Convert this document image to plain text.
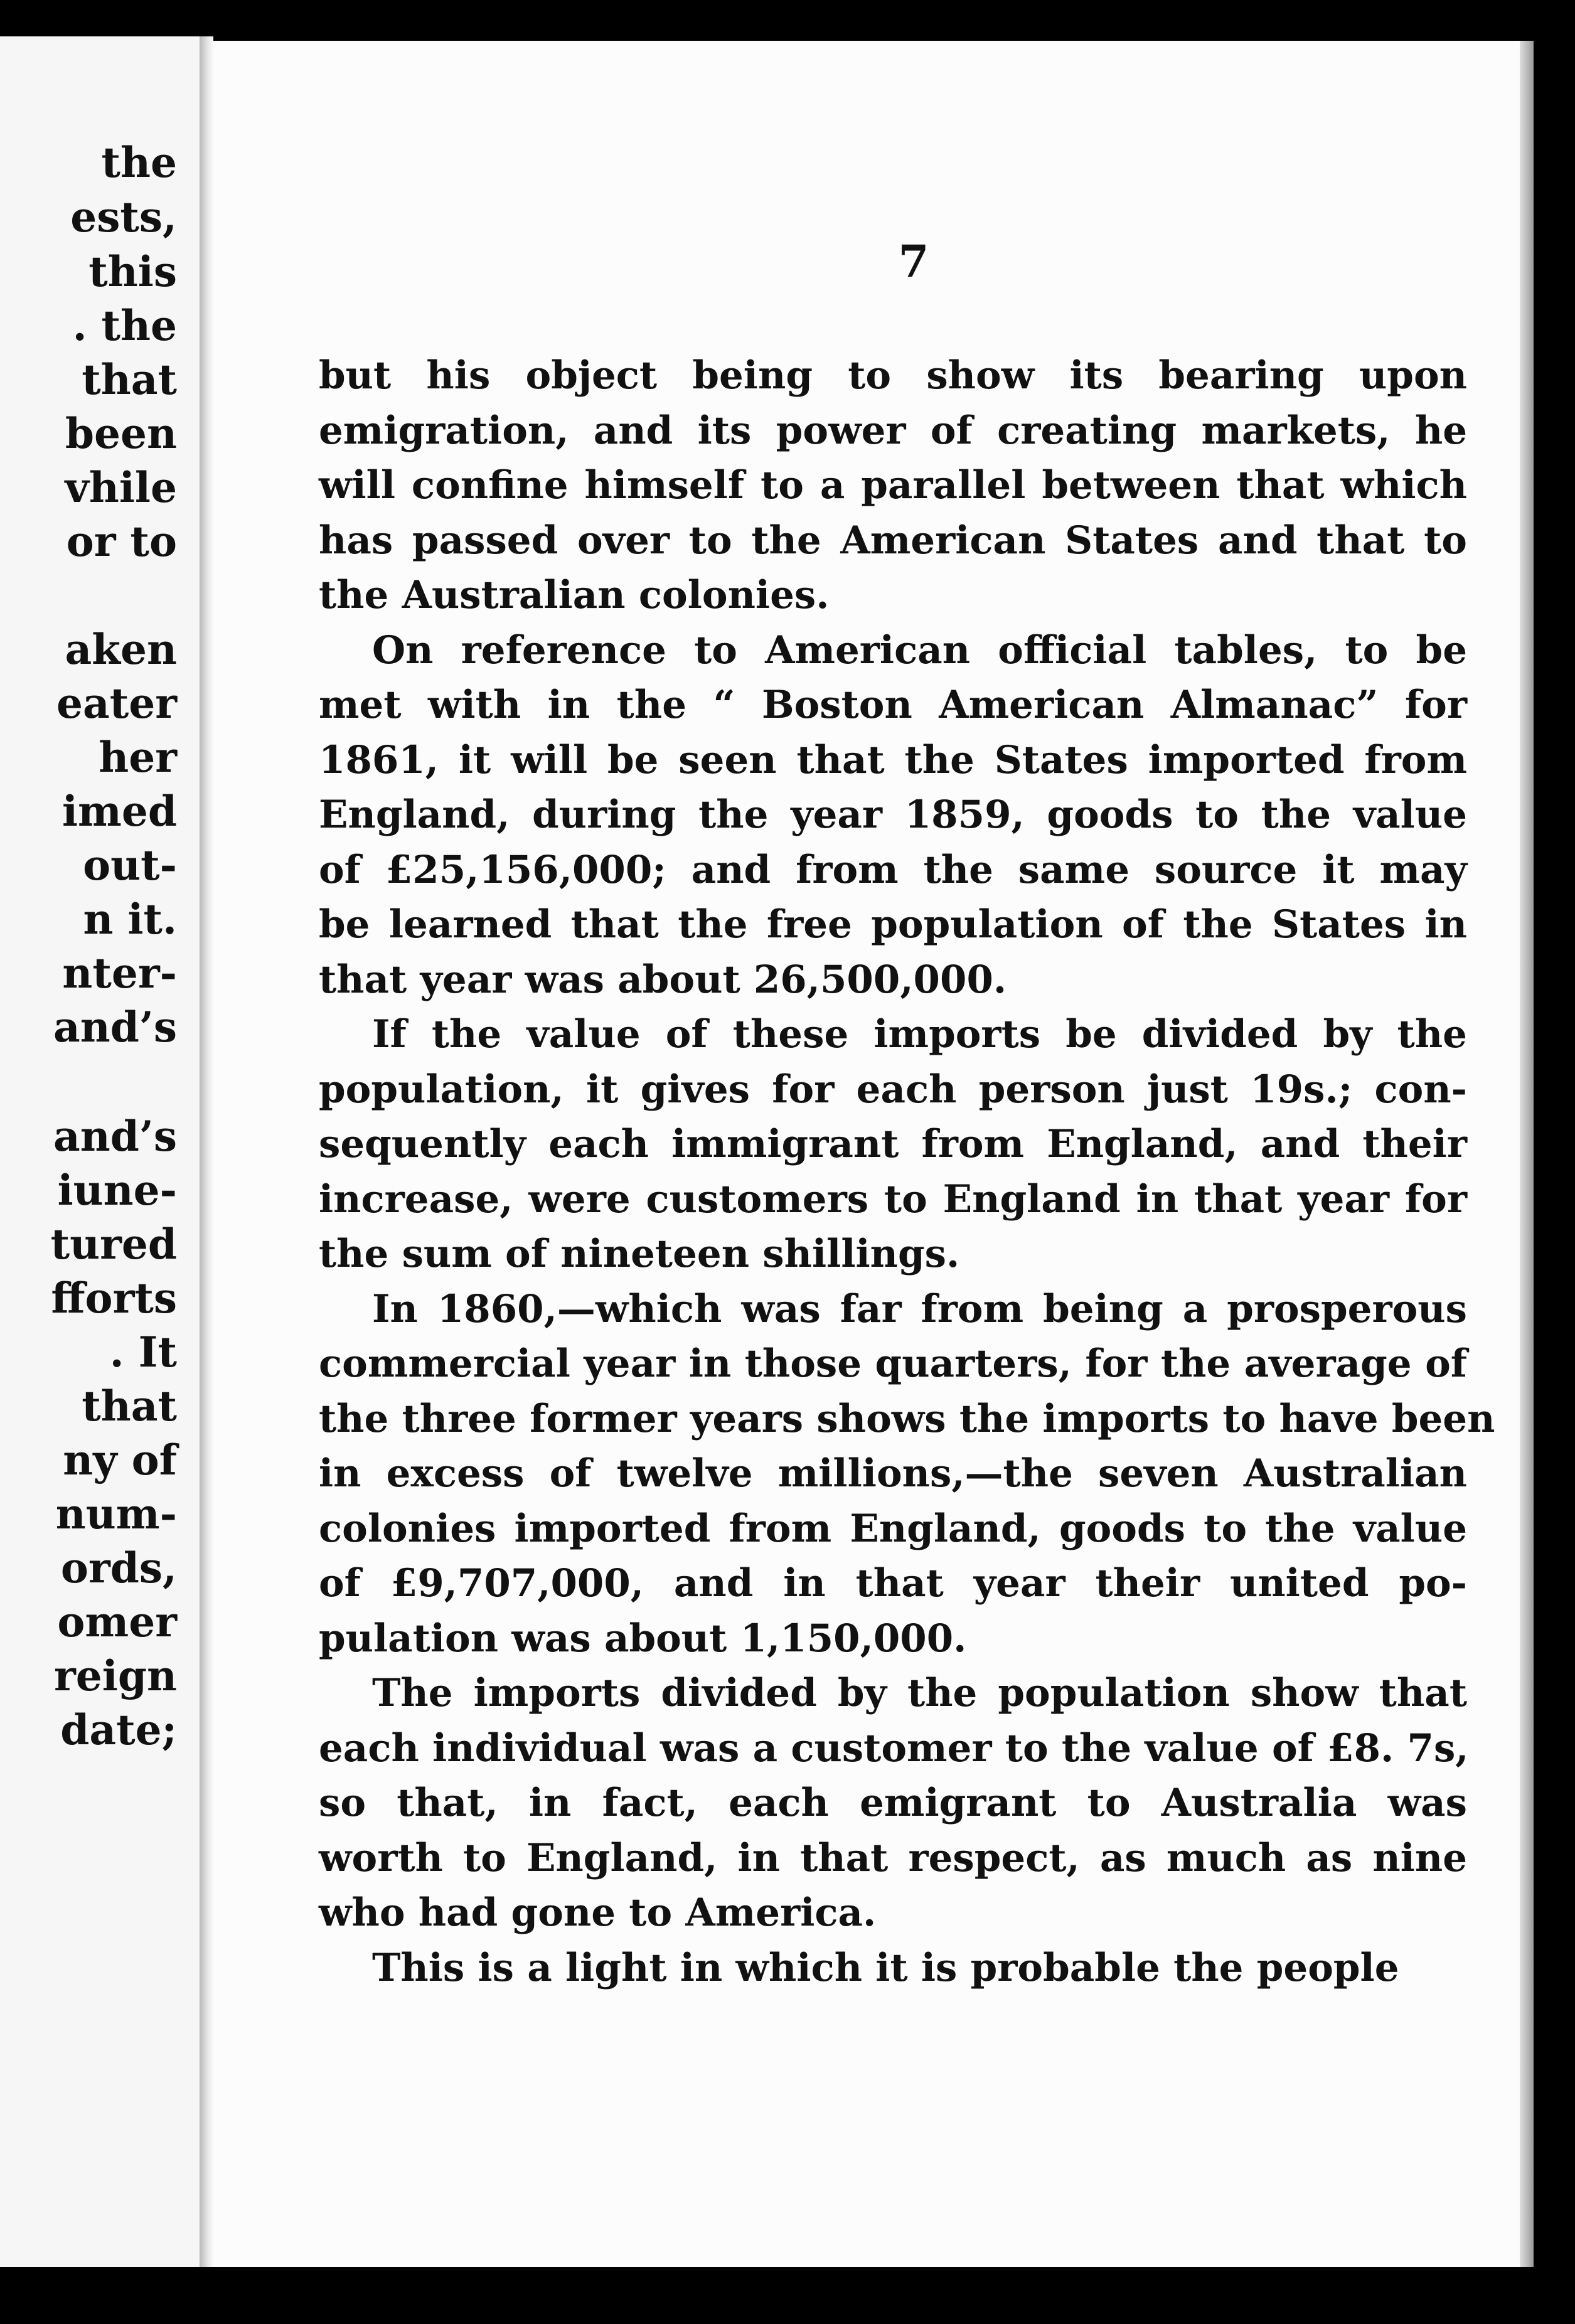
the
ests,
this
. the
that
been
vhile
or to
aken
eater
her
imed
out-
n it.
nter-
and’s
and’s
iune-
tured
fforts
. It
that
ny of
num-
ords,
omer
reign
date;
7
but his object being to show its bearing upon
emigration, and its power of creating markets, he
will confine himself to a parallel between that which
has passed over to the American States and that to
the Australian colonies.
On reference to American official tables, to be
met with in the “ Boston American Almanac” for
1861, it will be seen that the States imported from
England, during the year 1859, goods to the value
of £25,156,000; and from the same source it may
be learned that the free population of the States in
that year was about 26,500,000.
If the value of these imports be divided by the
population, it gives for each person just 19s.; con-
sequently each immigrant from England, and their
increase, were customers to England in that year for
the sum of nineteen shillings.
In 1860,—which was far from being a prosperous
commercial year in those quarters, for the average of
the three former years shows the imports to have been
in excess of twelve millions,—the seven Australian
colonies imported from England, goods to the value
of £9,707,000, and in that year their united po-
pulation was about 1,150,000.
The imports divided by the population show that
each individual was a customer to the value of £8. 7s,
so that, in fact, each emigrant to Australia was
worth to England, in that respect, as much as nine
who had gone to America.
This is a light in which it is probable the people
